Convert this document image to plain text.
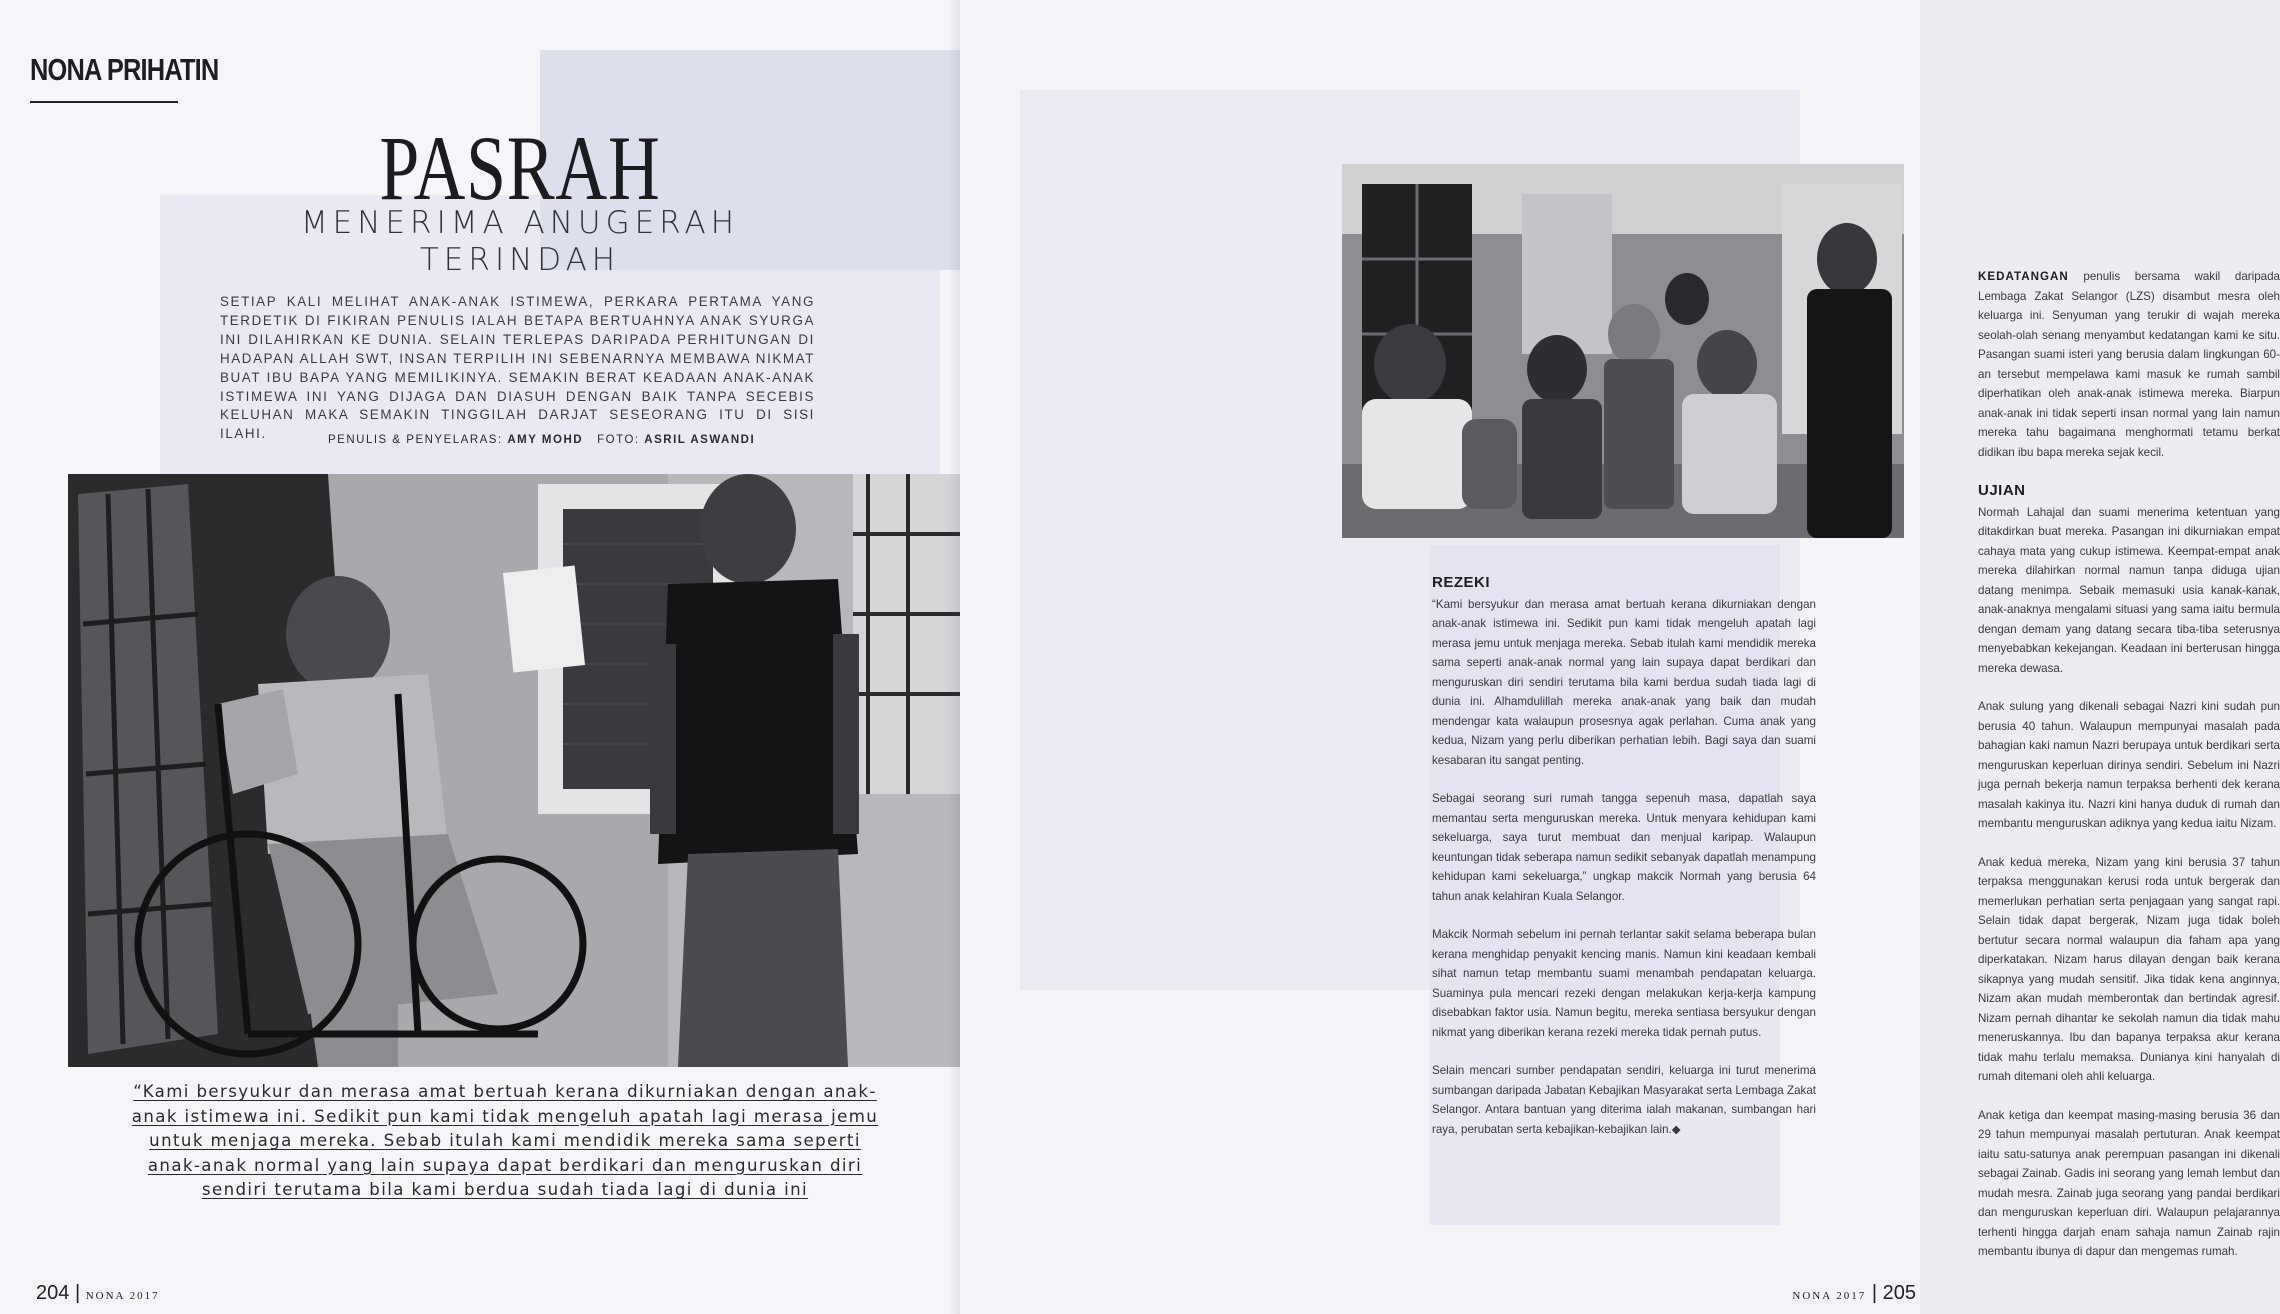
NONA PRIHATIN
PASRAH
MENERIMA ANUGERAH TERINDAH
SETIAP KALI MELIHAT ANAK-ANAK ISTIMEWA, PERKARA PERTAMA YANG TERDETIK DI FIKIRAN PENULIS IALAH BETAPA BERTUAHNYA ANAK SYURGA INI DILAHIRKAN KE DUNIA. SELAIN TERLEPAS DARIPADA PERHITUNGAN DI HADAPAN ALLAH SWT, INSAN TERPILIH INI SEBENARNYA MEMBAWA NIKMAT BUAT IBU BAPA YANG MEMILIKINYA. SEMAKIN BERAT KEADAAN ANAK-ANAK ISTIMEWA INI YANG DIJAGA DAN DIASUH DENGAN BAIK TANPA SECEBIS KELUHAN MAKA SEMAKIN TINGGILAH DARJAT SESEORANG ITU DI SISI ILAHI.	PENULIS & PENYELARAS: AMY MOHD FOTO: ASRIL ASWANDI
“Kami bersyukur dan merasa amat bertuah kerana dikurniakan dengan anak-anak istimewa ini. Sedikit pun kami tidak mengeluh apatah lagi merasa jemu untuk menjaga mereka. Sebab itulah kami mendidik mereka sama seperti anak-anak normal yang lain supaya dapat berdikari dan menguruskan diri sendiri terutama bila kami berdua sudah tiada lagi di dunia ini
204 | NONA 2017

KEDATANGAN penulis bersama wakil daripada Lembaga Zakat Selangor (LZS) disambut mesra oleh keluarga ini. Senyuman yang terukir di wajah mereka seolah-olah senang menyambut kedatangan kami ke situ. Pasangan suami isteri yang berusia dalam lingkungan 60-an tersebut mempelawa kami masuk ke rumah sambil diperhatikan oleh anak-anak istimewa mereka. Biarpun anak-anak ini tidak seperti insan normal yang lain namun mereka tahu bagaimana menghormati tetamu berkat didikan ibu bapa mereka sejak kecil.

UJIAN

Normah Lahajal dan suami menerima ketentuan yang ditakdirkan buat mereka. Pasangan ini dikurniakan empat cahaya mata yang cukup istimewa. Keempat-empat anak mereka dilahirkan normal namun tanpa diduga ujian datang menimpa. Sebaik memasuki usia kanak-kanak, anak-anaknya mengalami situasi yang sama iaitu bermula dengan demam yang datang secara tiba-tiba seterusnya menyebabkan kekejangan. Keadaan ini berterusan hingga mereka dewasa.

Anak sulung yang dikenali sebagai Nazri kini sudah pun berusia 40 tahun. Walaupun mempunyai masalah pada bahagian kaki namun Nazri berupaya untuk berdikari serta menguruskan keperluan dirinya sendiri. Sebelum ini Nazri juga pernah bekerja namun terpaksa berhenti dek kerana masalah kakinya itu. Nazri kini hanya duduk di rumah dan membantu menguruskan adiknya yang kedua iaitu Nizam.

Anak kedua mereka, Nizam yang kini berusia 37 tahun terpaksa menggunakan kerusi roda untuk bergerak dan memerlukan perhatian serta penjagaan yang sangat rapi. Selain tidak dapat bergerak, Nizam juga tidak boleh bertutur secara normal walaupun dia faham apa yang diperkatakan. Nizam harus dilayan dengan baik kerana sikapnya yang mudah sensitif. Jika tidak kena anginnya, Nizam akan mudah memberontak dan bertindak agresif. Nizam pernah dihantar ke sekolah namun dia tidak mahu meneruskannya. Ibu dan bapanya terpaksa akur kerana tidak mahu terlalu memaksa. Dunianya kini hanyalah di rumah ditemani oleh ahli keluarga.

Anak ketiga dan keempat masing-masing berusia 36 dan 29 tahun mempunyai masalah pertuturan. Anak keempat iaitu satu-satunya anak perempuan pasangan ini dikenali sebagai Zainab. Gadis ini seorang yang lemah lembut dan mudah mesra. Zainab juga seorang yang pandai berdikari dan menguruskan keperluan diri. Walaupun pelajarannya terhenti hingga darjah enam sahaja namun Zainab rajin membantu ibunya di dapur dan mengemas rumah.

REZEKI

“Kami bersyukur dan merasa amat bertuah kerana dikurniakan dengan anak-anak istimewa ini. Sedikit pun kami tidak mengeluh apatah lagi merasa jemu untuk menjaga mereka. Sebab itulah kami mendidik mereka sama seperti anak-anak normal yang lain supaya dapat berdikari dan menguruskan diri sendiri terutama bila kami berdua sudah tiada lagi di dunia ini. Alhamdulillah mereka anak-anak yang baik dan mudah mendengar kata walaupun prosesnya agak perlahan. Cuma anak yang kedua, Nizam yang perlu diberikan perhatian lebih. Bagi saya dan suami kesabaran itu sangat penting.

Sebagai seorang suri rumah tangga sepenuh masa, dapatlah saya memantau serta menguruskan mereka. Untuk menyara kehidupan kami sekeluarga, saya turut membuat dan menjual karipap. Walaupun keuntungan tidak seberapa namun sedikit sebanyak dapatlah menampung kehidupan kami sekeluarga,” ungkap makcik Normah yang berusia 64 tahun anak kelahiran Kuala Selangor.

Makcik Normah sebelum ini pernah terlantar sakit selama beberapa bulan kerana menghidap penyakit kencing manis. Namun kini keadaan kembali sihat namun tetap membantu suami menambah pendapatan keluarga. Suaminya pula mencari rezeki dengan melakukan kerja-kerja kampung disebabkan faktor usia. Namun begitu, mereka sentiasa bersyukur dengan nikmat yang diberikan kerana rezeki mereka tidak pernah putus.

Selain mencari sumber pendapatan sendiri, keluarga ini turut menerima sumbangan daripada Jabatan Kebajikan Masyarakat serta Lembaga Zakat Selangor. Antara bantuan yang diterima ialah makanan, sumbangan hari raya, perubatan serta kebajikan-kebajikan lain.◆

NONA 2017 | 205
